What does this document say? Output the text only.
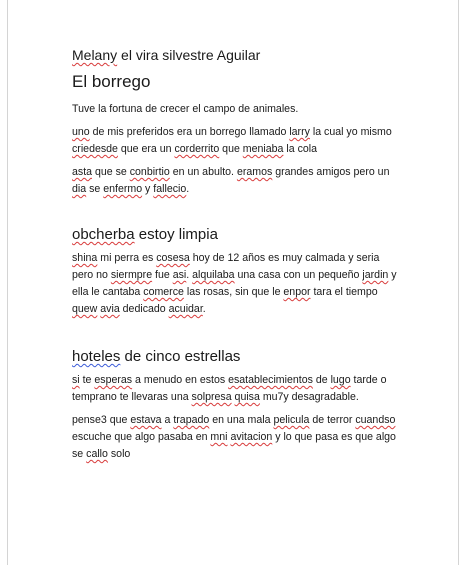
Melany el vira silvestre Aguilar

El borrego

Tuve la fortuna de crecer el campo de animales.

uno de mis preferidos era un borrego llamado larry la cual yo mismo criedesde que era un corderrito que meniaba la cola

asta que se conbirtio en un abulto. eramos grandes amigos pero un dia se enfermo y fallecio.

obcherba estoy limpia

shina mi perra es cosesa hoy de 12 años es muy calmada y seria pero no siermpre fue asi. alquilaba una casa con un pequeño jardin y ella le cantaba comerce las rosas, sin que le enpor tara el tiempo quew avia dedicado acuidar.

hoteles de cinco estrellas

si te esperas a menudo en estos esatablecimientos de lugo tarde o temprano te llevaras una solpresa quisa mu7y desagradable.

pense3 que estava a trapado en una mala pelicula de terror cuandso escuche que algo pasaba en mni avitacion y lo que pasa es que algo se callo solo
